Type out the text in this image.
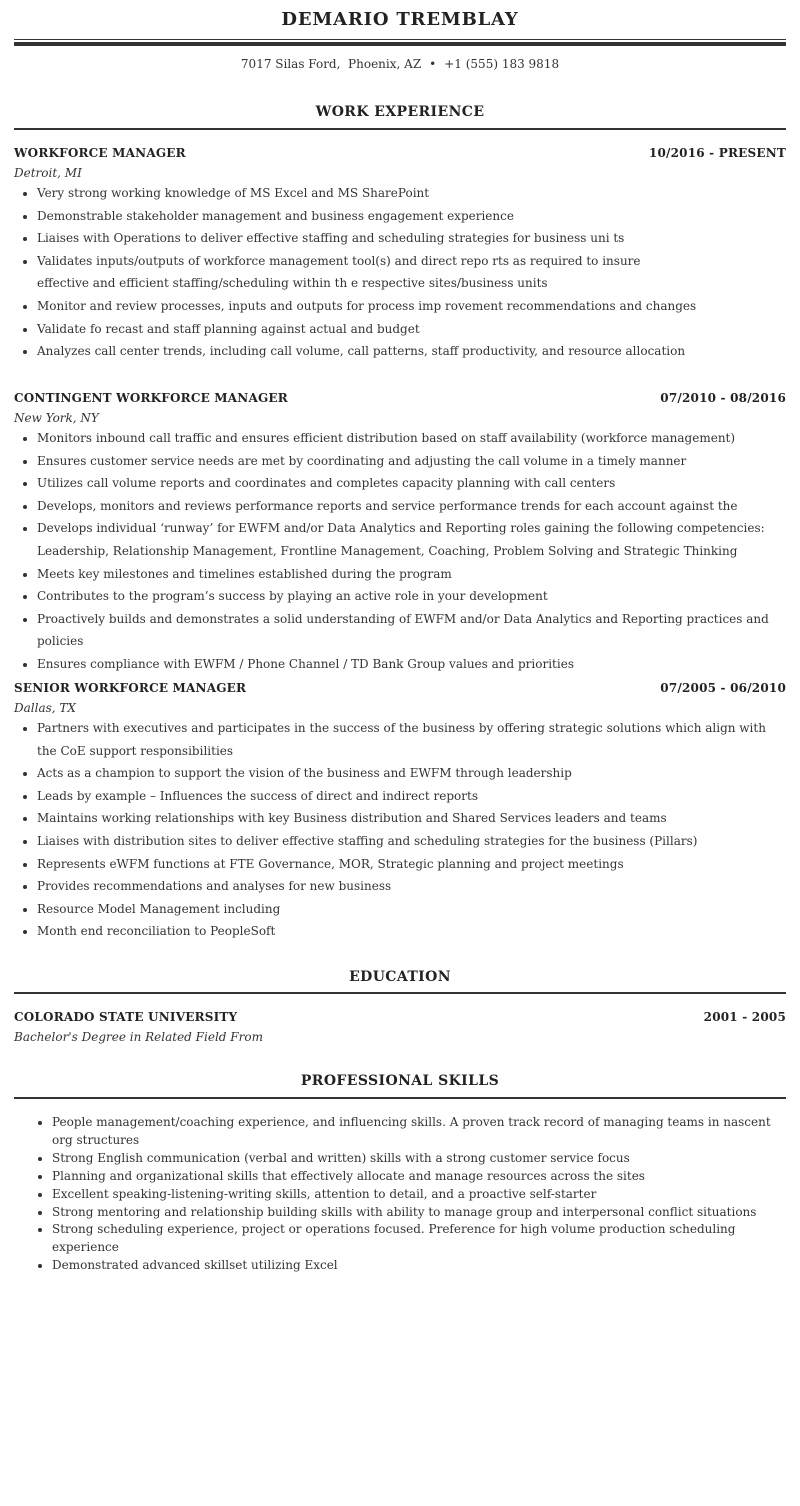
DEMARIO TREMBLAY
7017 Silas Ford,  Phoenix, AZ • +1 (555) 183 9818
WORK EXPERIENCE
WORKFORCE MANAGER	10/2016 - PRESENT
Detroit, MI
• Very strong working knowledge of MS Excel and MS SharePoint
• Demonstrable stakeholder management and business engagement experience
• Liaises with Operations to deliver effective staffing and scheduling strategies for business uni ts
• Validates inputs/outputs of workforce management tool(s) and direct repo rts as required to insure effective and efficient staffing/scheduling within th e respective sites/business units
• Monitor and review processes, inputs and outputs for process imp rovement recommendations and changes
• Validate fo recast and staff planning against actual and budget
• Analyzes call center trends, including call volume, call patterns, staff productivity, and resource allocation
CONTINGENT WORKFORCE MANAGER	07/2010 - 08/2016
New York, NY
• Monitors inbound call traffic and ensures efficient distribution based on staff availability (workforce management)
• Ensures customer service needs are met by coordinating and adjusting the call volume in a timely manner
• Utilizes call volume reports and coordinates and completes capacity planning with call centers
• Develops, monitors and reviews performance reports and service performance trends for each account against the
• Develops individual ‘runway’ for EWFM and/or Data Analytics and Reporting roles gaining the following competencies: Leadership, Relationship Management, Frontline Management, Coaching, Problem Solving and Strategic Thinking
• Meets key milestones and timelines established during the program
• Contributes to the program’s success by playing an active role in your development
• Proactively builds and demonstrates a solid understanding of EWFM and/or Data Analytics and Reporting practices and policies
• Ensures compliance with EWFM / Phone Channel / TD Bank Group values and priorities
SENIOR WORKFORCE MANAGER	07/2005 - 06/2010
Dallas, TX
• Partners with executives and participates in the success of the business by offering strategic solutions which align with the CoE support responsibilities
• Acts as a champion to support the vision of the business and EWFM through leadership
• Leads by example – Influences the success of direct and indirect reports
• Maintains working relationships with key Business distribution and Shared Services leaders and teams
• Liaises with distribution sites to deliver effective staffing and scheduling strategies for the business (Pillars)
• Represents eWFM functions at FTE Governance, MOR, Strategic planning and project meetings
• Provides recommendations and analyses for new business
• Resource Model Management including
• Month end reconciliation to PeopleSoft
EDUCATION
COLORADO STATE UNIVERSITY	2001 - 2005
Bachelor's Degree in Related Field From
PROFESSIONAL SKILLS
• People management/coaching experience, and influencing skills. A proven track record of managing teams in nascent org structures
• Strong English communication (verbal and written) skills with a strong customer service focus
• Planning and organizational skills that effectively allocate and manage resources across the sites
• Excellent speaking-listening-writing skills, attention to detail, and a proactive self-starter
• Strong mentoring and relationship building skills with ability to manage group and interpersonal conflict situations
• Strong scheduling experience, project or operations focused. Preference for high volume production scheduling experience
• Demonstrated advanced skillset utilizing Excel
